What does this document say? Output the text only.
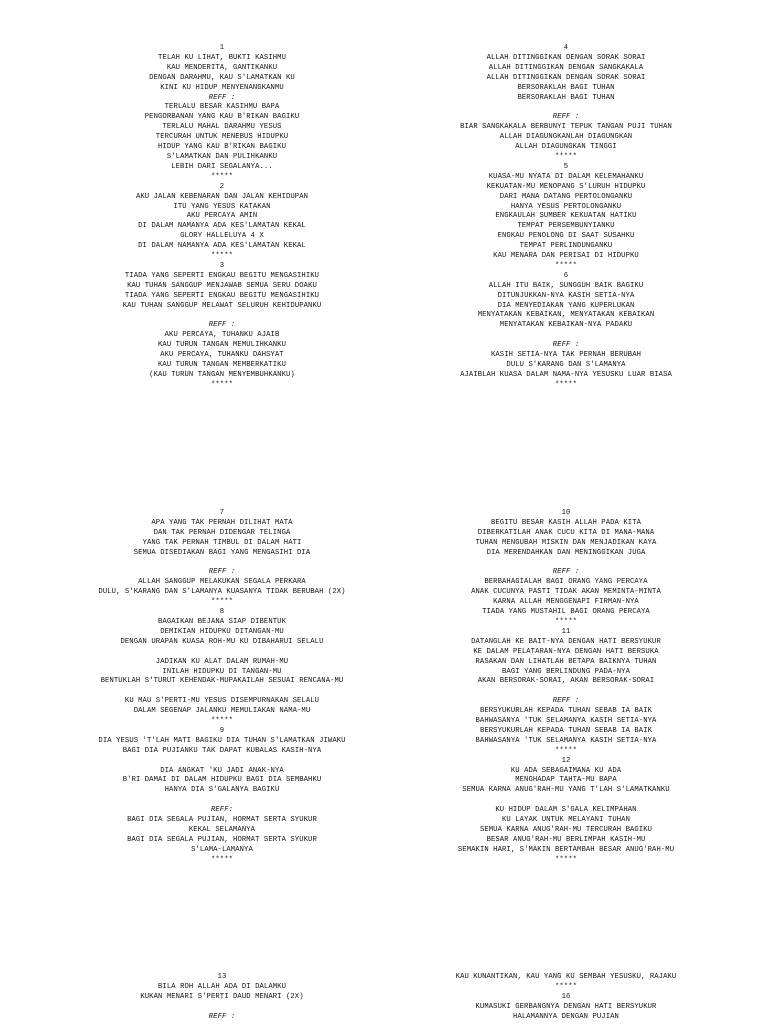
1
TELAH KU LIHAT, BUKTI KASIHMU
KAU MENDERITA, GANTIKANKU
DENGAN DARAHMU, KAU S'LAMATKAN KU
KINI KU HIDUP MENYENANGKANMU
REFF :
TERLALU BESAR KASIHMU BAPA
PENGORBANAN YANG KAU B'RIKAN BAGIKU
TERLALU MAHAL DARAHMU YESUS
TERCURAH UNTUK MENEBUS HIDUPKU
HIDUP YANG KAU B'RIKAN BAGIKU
S'LAMATKAN DAN PULIHKANKU
LEBIH DARI SEGALANYA...
*****
2
AKU JALAN KEBENARAN DAN JALAN KEHIDUPAN
ITU YANG YESUS KATAKAN
AKU PERCAYA AMIN
DI DALAM NAMANYA ADA KES'LAMATAN KEKAL
GLORY HALLELUYA 4 X
DI DALAM NAMANYA ADA KES'LAMATAN KEKAL
*****
3
TIADA YANG SEPERTI ENGKAU BEGITU MENGASIHIKU
KAU TUHAN SANGGUP MENJAWAB SEMUA SERU DOAKU
TIADA YANG SEPERTI ENGKAU BEGITU MENGASIHIKU
KAU TUHAN SANGGUP MELAWAT SELURUH KEHIDUPANKU

REFF :
AKU PERCAYA, TUHANKU AJAIB
KAU TURUN TANGAN MEMULIHKANKU
AKU PERCAYA, TUHANKU DAHSYAT
KAU TURUN TANGAN MEMBERKATIKU
(KAU TURUN TANGAN MENYEMBUHKANKU)
*****
4
ALLAH DITINGGIKAN DENGAN SORAK SORAI
ALLAH DITINGGIKAN DENGAN SANGKAKALA
ALLAH DITINGGIKAN DENGAN SORAK SORAI
BERSORAKLAH BAGI TUHAN
BERSORAKLAH BAGI TUHAN

REFF :
BIAR SANGKAKALA BERBUNYI TEPUK TANGAN PUJI TUHAN
ALLAH DIAGUNGKANLAH DIAGUNGKAN
ALLAH DIAGUNGKAN TINGGI
*****
5
KUASA-MU NYATA DI DALAM KELEMAHANKU
KEKUATAN-MU MENOPANG S'LURUH HIDUPKU
DARI MANA DATANG PERTOLONGANKU
HANYA YESUS PERTOLONGANKU
ENGKAULAH SUMBER KEKUATAN HATIKU
TEMPAT PERSEMBUNYIANKU
ENGKAU PENOLONG DI SAAT SUSAHKU
TEMPAT PERLINDUNGANKU
KAU MENARA DAN PERISAI DI HIDUPKU
*****
6
ALLAH ITU BAIK, SUNGGUH BAIK BAGIKU
DITUNJUKKAN-NYA KASIH SETIA-NYA
DIA MENYEDIAKAN YANG KUPERLUKAN
MENYATAKAN KEBAIKAN, MENYATAKAN KEBAIKAN
MENYATAKAN KEBAIKAN-NYA PADAKU

REFF :
KASIH SETIA-NYA TAK PERNAH BERUBAH
DULU S'KARANG DAN S'LAMANYA
AJAIBLAH KUASA DALAM NAMA-NYA YESUSKU LUAR BIASA
*****
7
APA YANG TAK PERNAH DILIHAT MATA
DAN TAK PERNAH DIDENGAR TELINGA
YANG TAK PERNAH TIMBUL DI DALAM HATI
SEMUA DISEDIAKAN BAGI YANG MENGASIHI DIA

REFF :
ALLAH SANGGUP MELAKUKAN SEGALA PERKARA
DULU, S'KARANG DAN S'LAMANYA KUASANYA TIDAK BERUBAH (2X)
*****
8
BAGAIKAN BEJANA SIAP DIBENTUK
DEMIKIAN HIDUPKU DITANGAN-MU
DENGAN URAPAN KUASA ROH-MU KU DIBAHARUI SELALU

JADIKAN KU ALAT DALAM RUMAH-MU
INILAH HIDUPKU DI TANGAN-MU
BENTUKLAH S'TURUT KEHENDAK-MUPAKAILAH SESUAI RENCANA-MU

KU MAU S'PERTI-MU YESUS DISEMPURNAKAN SELALU
DALAM SEGENAP JALANKU MEMULIAKAN NAMA-MU
*****
9
DIA YESUS 'T'LAH MATI BAGIKU DIA TUHAN S'LAMATKAN JIWAKU
BAGI DIA PUJIANKU TAK DAPAT KUBALAS KASIH-NYA

DIA ANGKAT 'KU JADI ANAK-NYA
B'RI DAMAI DI DALAM HIDUPKU BAGI DIA SEMBAHKU
HANYA DIA S'GALANYA BAGIKU

REFF:
BAGI DIA SEGALA PUJIAN, HORMAT SERTA SYUKUR
KEKAL SELAMANYA
BAGI DIA SEGALA PUJIAN, HORMAT SERTA SYUKUR
S'LAMA-LAMANYA
*****
10
BEGITU BESAR KASIH ALLAH PADA KITA
DIBERKATILAH ANAK CUCU KITA DI MANA-MANA
TUHAN MENGUBAH MISKIN DAN MENJADIKAN KAYA
DIA MERENDAHKAN DAN MENINGGIKAN JUGA

REFF :
BERBAHAGIALAH BAGI ORANG YANG PERCAYA
ANAK CUCUNYA PASTI TIDAK AKAN MEMINTA-MINTA
KARNA ALLAH MENGGENAPI FIRMAN-NYA
TIADA YANG MUSTAHIL BAGI ORANG PERCAYA
*****
11
DATANGLAH KE BAIT-NYA DENGAN HATI BERSYUKUR
KE DALAM PELATARAN-NYA DENGAN HATI BERSUKA
RASAKAN DAN LIHATLAH BETAPA BAIKNYA TUHAN
BAGI YANG BERLINDUNG PADA-NYA
AKAN BERSORAK-SORAI, AKAN BERSORAK-SORAI

REFF :
BERSYUKURLAH KEPADA TUHAN SEBAB IA BAIK
BAHWASANYA 'TUK SELAMANYA KASIH SETIA-NYA
BERSYUKURLAH KEPADA TUHAN SEBAB IA BAIK
BAHWASANYA 'TUK SELAMANYA KASIH SETIA-NYA
*****
12
KU ADA SEBAGAIMANA KU ADA
MENGHADAP TAHTA-MU BAPA
SEMUA KARNA ANUG'RAH-MU YANG T'LAH S'LAMATKANKU

KU HIDUP DALAM S'GALA KELIMPAHAN
KU LAYAK UNTUK MELAYANI TUHAN
SEMUA KARNA ANUG'RAH-MU TERCURAH BAGIKU
BESAR ANUG'RAH-MU BERLIMPAH KASIH-MU
SEMAKIN HARI, S'MAKIN BERTAMBAH BESAR ANUG'RAH-MU
*****
13
BILA ROH ALLAH ADA DI DALAMKU
KUKAN MENARI S'PERTI DAUD MENARI (2X)

REFF :
KAU KUNANTIKAN, KAU YANG KU SEMBAH YESUSKU, RAJAKU
*****
16
KUMASUKI GERBANGNYA DENGAN HATI BERSYUKUR
HALAMANNYA DENGAN PUJIAN
